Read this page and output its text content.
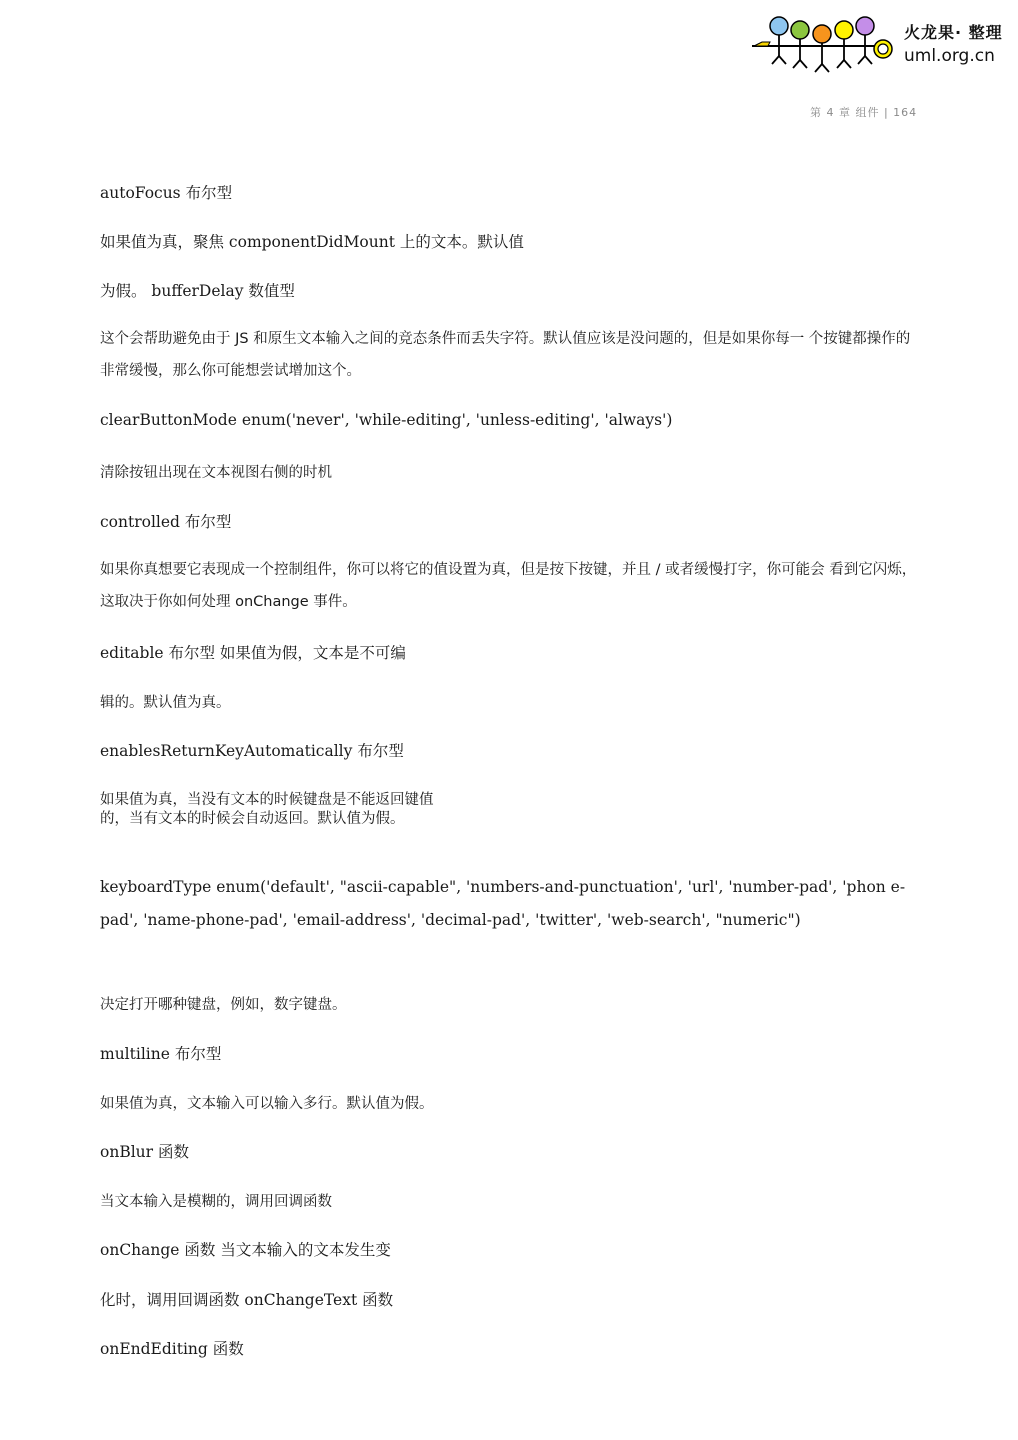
火龙果· 整理
uml.org.cn
第 4 章 组件 | 164
autoFocus 布尔型
如果值为真，聚焦 componentDidMount 上的文本。默认值
为假。 bufferDelay 数值型
这个会帮助避免由于 JS 和原生文本输入之间的竞态条件而丢失字符。默认值应该是没问题的，但是如果你每一 个按键都操作的非常缓慢，那么你可能想尝试增加这个。
clearButtonMode enum('never', 'while-editing', 'unless-editing', 'always')
清除按钮出现在文本视图右侧的时机
controlled 布尔型
如果你真想要它表现成一个控制组件，你可以将它的值设置为真，但是按下按键，并且 / 或者缓慢打字，你可能会 看到它闪烁，这取决于你如何处理 onChange 事件。
editable 布尔型 如果值为假，文本是不可编
辑的。默认值为真。
enablesReturnKeyAutomatically 布尔型
如果值为真，当没有文本的时候键盘是不能返回键值的，当有文本的时候会自动返回。默认值为假。
keyboardType enum('default', "ascii-capable", 'numbers-and-punctuation', 'url', 'number-pad', 'phon e-pad', 'name-phone-pad', 'email-address', 'decimal-pad', 'twitter', 'web-search', "numeric")
决定打开哪种键盘，例如，数字键盘。
multiline 布尔型
如果值为真，文本输入可以输入多行。默认值为假。
onBlur 函数
当文本输入是模糊的，调用回调函数
onChange 函数 当文本输入的文本发生变
化时，调用回调函数 onChangeText 函数
onEndEditing 函数
